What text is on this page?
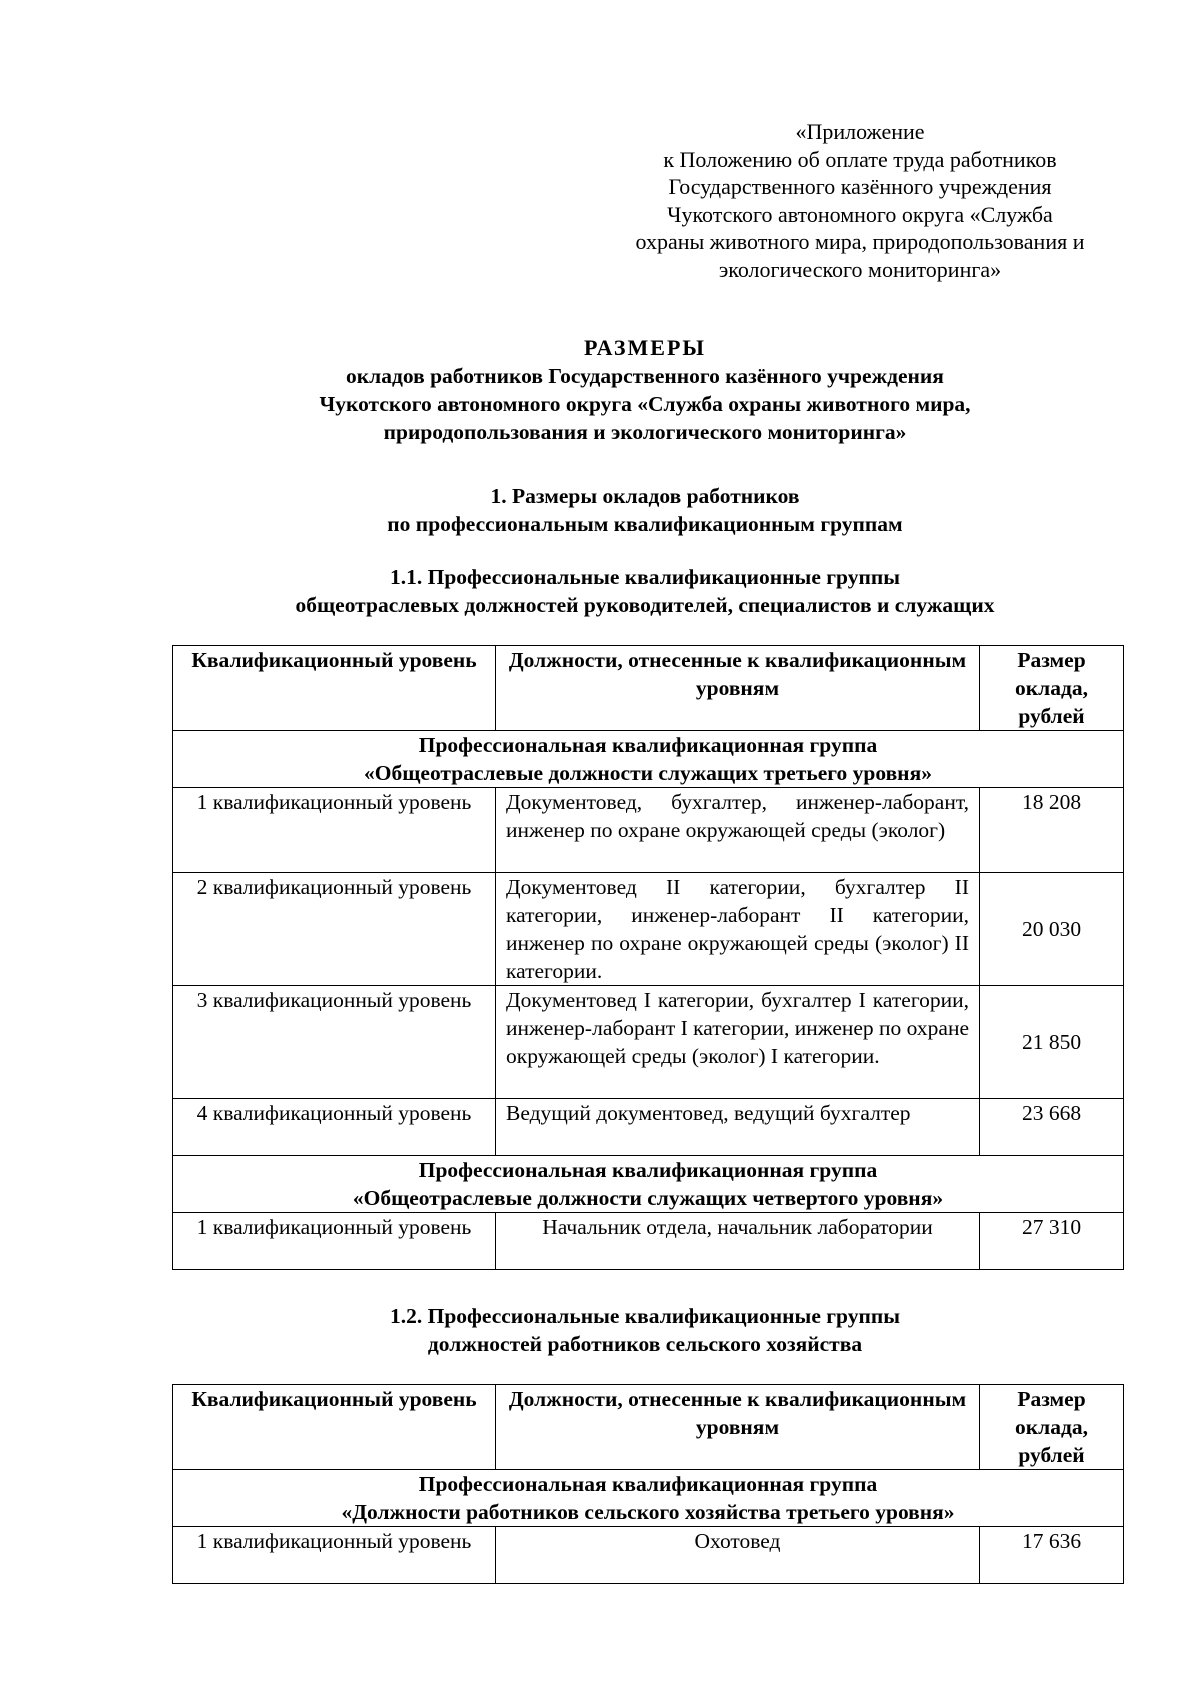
«Приложение
к Положению об оплате труда работников
Государственного казённого учреждения
Чукотского автономного округа «Служба
охраны животного мира, природопользования и
экологического мониторинга»
РАЗМЕРЫ
окладов работников Государственного казённого учреждения
Чукотского автономного округа «Служба охраны животного мира,
природопользования и экологического мониторинга»
1. Размеры окладов работников
по профессиональным квалификационным группам
1.1. Профессиональные квалификационные группы
общеотраслевых должностей руководителей, специалистов и служащих
Квалификационный уровень	Должности, отнесенные к квалификационным уровням	Размер оклада, рублей

Профессиональная квалификационная группа
«Общеотраслевые должности служащих третьего уровня»		

1 квалификационный уровень	Документовед, бухгалтер, инженер-лаборант, инженер по охране окружающей среды (эколог)	18 208
2 квалификационный уровень	Документовед II категории, бухгалтер II категории, инженер-лаборант II категории, инженер по охране окружающей среды (эколог) II категории.	20 030
3 квалификационный уровень	Документовед I категории, бухгалтер I категории, инженер-лаборант I категории, инженер по охране окружающей среды (эколог) I категории.	21 850
4 квалификационный уровень	Ведущий документовед, ведущий бухгалтер	23 668

Профессиональная квалификационная группа
«Общеотраслевые должности служащих четвертого уровня»		

1 квалификационный уровень	Начальник отдела, начальник лаборатории	27 310
1.2. Профессиональные квалификационные группы
должностей работников сельского хозяйства
Квалификационный уровень	Должности, отнесенные к квалификационным уровням	Размер оклада, рублей

Профессиональная квалификационная группа
«Должности работников сельского хозяйства третьего уровня»		

1 квалификационный уровень	Охотовед	17 636
